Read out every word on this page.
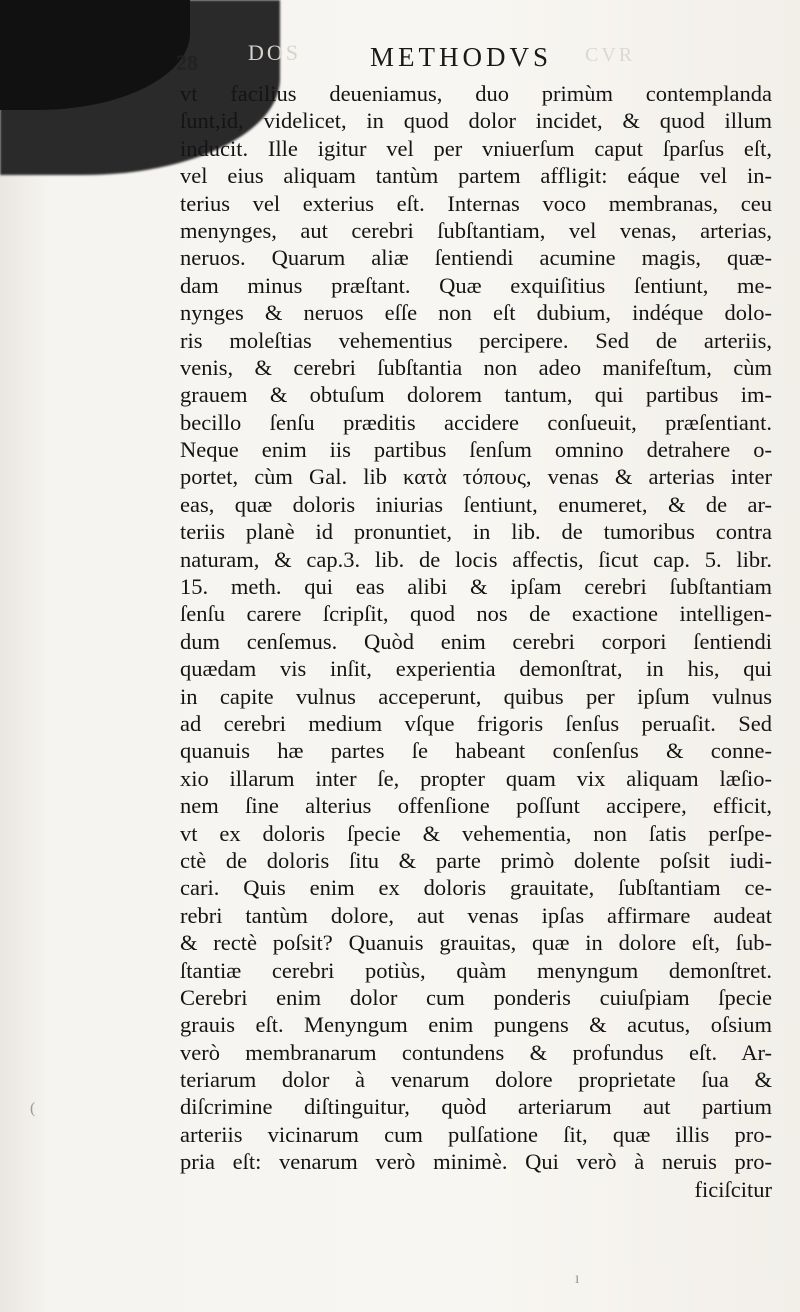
DOS	CVR
28	METHODVS
vt facilius deueniamus, duo primùm contemplanda
ſunt,id, videlicet, in quod dolor incidet, & quod illum
inducit. Ille igitur vel per vniuerſum caput ſparſus eſt,
vel eius aliquam tantùm partem affligit: eáque vel in-
terius vel exterius eſt. Internas voco membranas, ceu
menynges, aut cerebri ſubſtantiam, vel venas, arterias,
neruos. Quarum aliæ ſentiendi acumine magis, quæ-
dam minus præſtant. Quæ exquiſitius ſentiunt, me-
nynges & neruos eſſe non eſt dubium, indéque dolo-
ris moleſtias vehementius percipere. Sed de arteriis,
venis, & cerebri ſubſtantia non adeo manifeſtum, cùm
grauem & obtuſum dolorem tantum, qui partibus im-
becillo ſenſu præditis accidere conſueuit, præſentiant.
Neque enim iis partibus ſenſum omnino detrahere o-
portet, cùm Gal. lib κατὰ τόπους, venas & arterias inter
eas, quæ doloris iniurias ſentiunt, enumeret, & de ar-
teriis planè id pronuntiet, in lib. de tumoribus contra
naturam, & cap.3. lib. de locis affectis, ſicut cap. 5. libr.
15. meth. qui eas alibi & ipſam cerebri ſubſtantiam
ſenſu carere ſcripſit, quod nos de exactione intelligen-
dum cenſemus. Quòd enim cerebri corpori ſentiendi
quædam vis inſit, experientia demonſtrat, in his, qui
in capite vulnus acceperunt, quibus per ipſum vulnus
ad cerebri medium vſque frigoris ſenſus peruaſit. Sed
quanuis hæ partes ſe habeant conſenſus & conne-
xio illarum inter ſe, propter quam vix aliquam læſio-
nem ſine alterius offenſione poſſunt accipere, efficit,
vt ex doloris ſpecie & vehementia, non ſatis perſpe-
ctè de doloris ſitu & parte primò dolente poſsit iudi-
cari. Quis enim ex doloris grauitate, ſubſtantiam ce-
rebri tantùm dolore, aut venas ipſas affirmare audeat
& rectè poſsit? Quanuis grauitas, quæ in dolore eſt, ſub-
ſtantiæ cerebri potiùs, quàm menyngum demonſtret.
Cerebri enim dolor cum ponderis cuiuſpiam ſpecie
grauis eſt. Menyngum enim pungens & acutus, oſsium
verò membranarum contundens & profundus eſt. Ar-
teriarum dolor à venarum dolore proprietate ſua &
diſcrimine diſtinguitur, quòd arteriarum aut partium
arteriis vicinarum cum pulſatione ſit, quæ illis pro-
pria eſt: venarum verò minimè. Qui verò à neruis pro-
ficiſcitur
(
ı
